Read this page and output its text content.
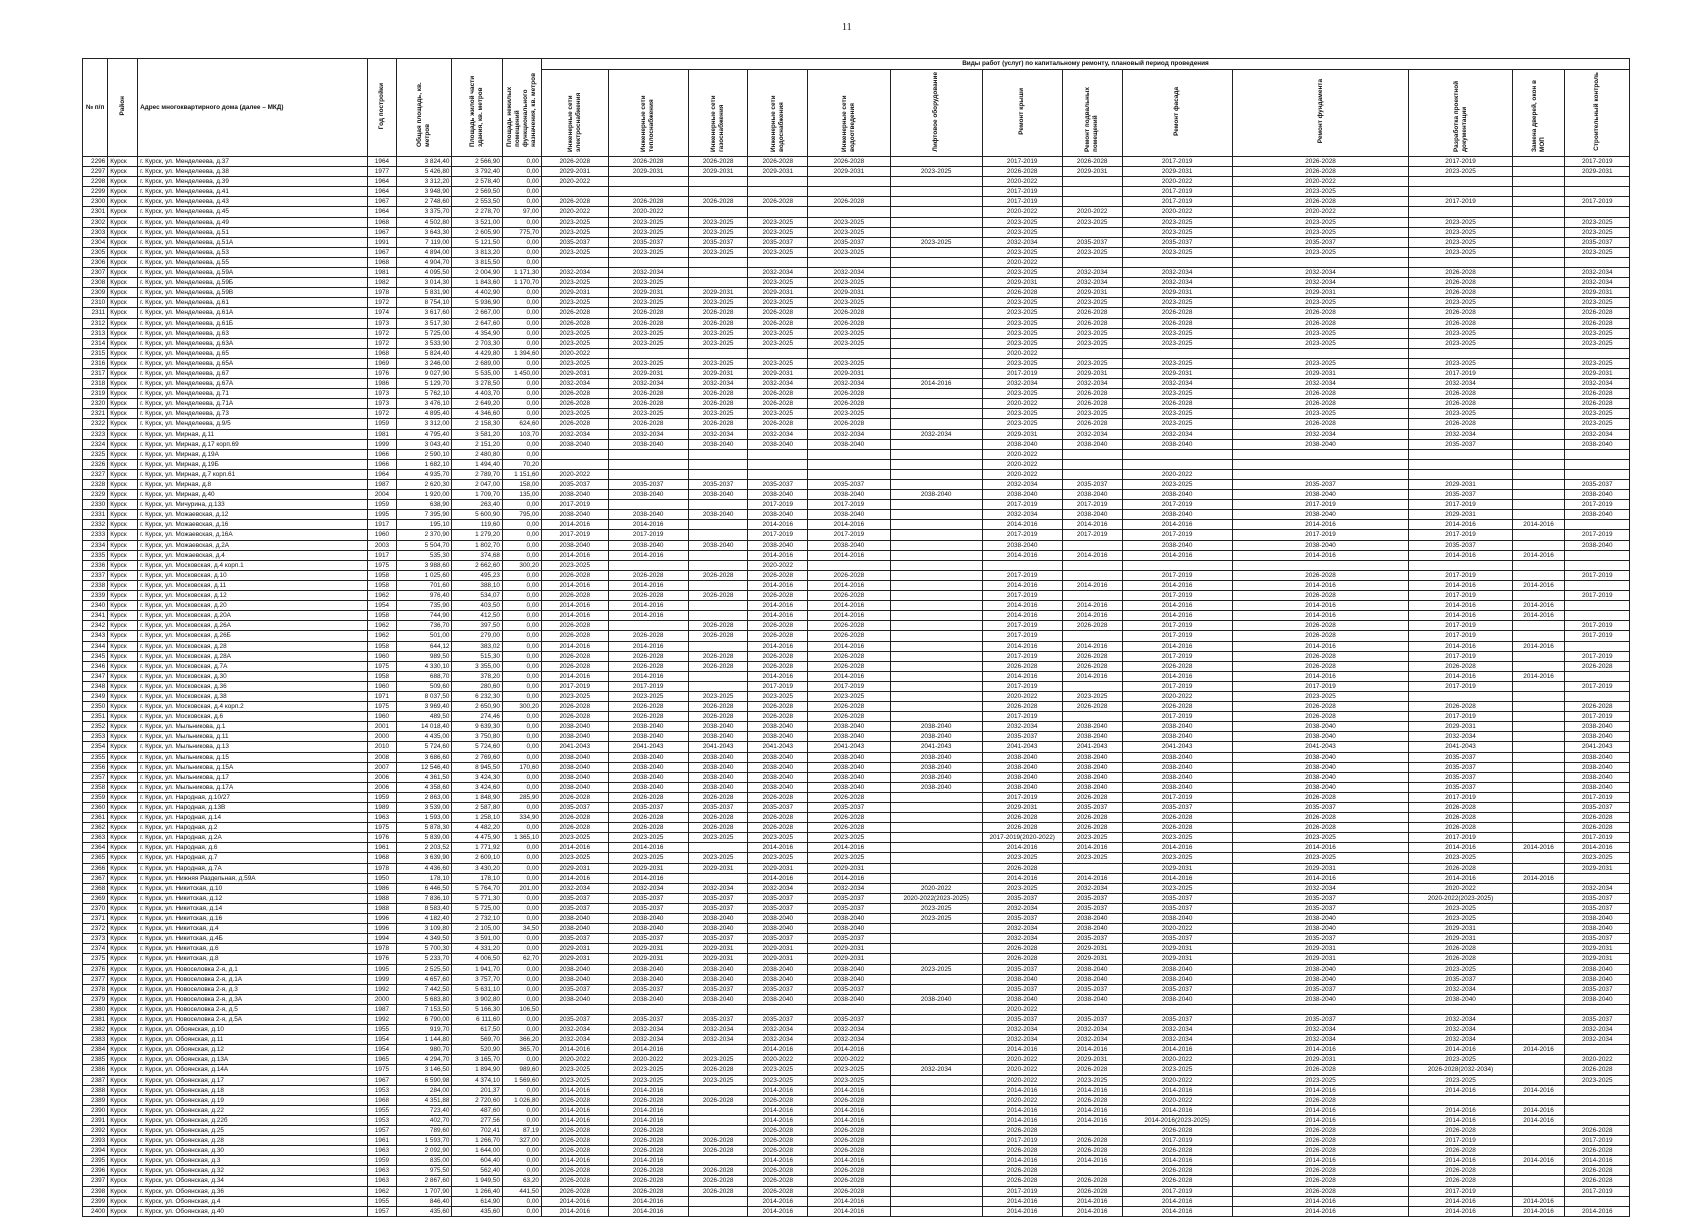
11
№ п/п	Район	Адрес многоквартирного дома (далее – МКД)	Год постройки	Общая площадь, кв. метров	Площадь жилой части здания, кв. метров	Площадь нежилых помещений функционального назначения, кв. метров	Виды работ (услуг) по капитальному ремонту, плановый период проведения												
							Инженерные сети электроснабжения	Инженерные сети теплоснабжения	Инженерные сети газоснабжения	Инженерные сети водоснабжения	Инженерные сети водоотведения	Лифтовое оборудование	Ремонт крыши	Ремонт подвальных помещений	Ремонт фасада	Ремонт фундамента	Разработка проектной документации	Замена дверей, окон в МОП	Строительный контроль
2296	Курск	г. Курск, ул. Менделеева, д.37	1964	3 824,40	2 566,90	0,00	2026-2028	2026-2028	2026-2028	2026-2028	2026-2028		2017-2019	2026-2028	2017-2019	2026-2028	2017-2019		2017-2019
2297	Курск	г. Курск, ул. Менделеева, д.38	1977	5 426,80	3 792,40	0,00	2029-2031	2029-2031	2029-2031	2029-2031	2029-2031	2023-2025	2026-2028	2029-2031	2029-2031	2026-2028	2023-2025		2029-2031
2298	Курск	г. Курск, ул. Менделеева, д.39	1964	3 312,20	2 578,40	0,00	2020-2022						2020-2022		2020-2022	2020-2022			
2299	Курск	г. Курск, ул. Менделеева, д.41	1964	3 948,90	2 569,50	0,00							2017-2019		2017-2019	2023-2025			
2300	Курск	г. Курск, ул. Менделеева, д.43	1967	2 748,60	2 553,50	0,00	2026-2028	2026-2028	2026-2028	2026-2028	2026-2028		2017-2019		2017-2019	2026-2028	2017-2019		2017-2019
2301	Курск	г. Курск, ул. Менделеева, д.45	1964	3 375,70	2 278,70	97,00	2020-2022	2020-2022					2020-2022	2020-2022	2020-2022	2020-2022			
2302	Курск	г. Курск, ул. Менделеева, д.49	1968	4 502,80	3 521,00	0,00	2023-2025	2023-2025	2023-2025	2023-2025	2023-2025		2023-2025	2023-2025	2023-2025	2023-2025	2023-2025		2023-2025
2303	Курск	г. Курск, ул. Менделеева, д.51	1967	3 643,30	2 605,90	775,70	2023-2025	2023-2025	2023-2025	2023-2025	2023-2025		2023-2025		2023-2025	2023-2025	2023-2025		2023-2025
2304	Курск	г. Курск, ул. Менделеева, д.51А	1991	7 119,00	5 121,50	0,00	2035-2037	2035-2037	2035-2037	2035-2037	2035-2037	2023-2025	2032-2034	2035-2037	2035-2037	2035-2037	2023-2025		2035-2037
2305	Курск	г. Курск, ул. Менделеева, д.53	1967	4 894,00	3 813,20	0,00	2023-2025	2023-2025	2023-2025	2023-2025	2023-2025		2023-2025	2023-2025	2023-2025	2023-2025	2023-2025		2023-2025
2306	Курск	г. Курск, ул. Менделеева, д.55	1968	4 904,70	3 815,50	0,00							2020-2022						
2307	Курск	г. Курск, ул. Менделеева, д.59А	1981	4 095,50	2 004,90	1 171,30	2032-2034	2032-2034		2032-2034	2032-2034		2023-2025	2032-2034	2032-2034	2032-2034	2026-2028		2032-2034
2308	Курск	г. Курск, ул. Менделеева, д.59Б	1982	3 014,30	1 843,60	1 170,70	2023-2025	2023-2025		2023-2025	2023-2025		2029-2031	2032-2034	2032-2034	2032-2034	2026-2028		2032-2034
2309	Курск	г. Курск, ул. Менделеева, д.59В	1978	5 831,90	4 402,90	0,00	2029-2031	2029-2031	2029-2031	2029-2031	2029-2031		2026-2028	2029-2031	2029-2031	2029-2031	2026-2028		2029-2031
2310	Курск	г. Курск, ул. Менделеева, д.61	1972	8 754,10	5 936,90	0,00	2023-2025	2023-2025	2023-2025	2023-2025	2023-2025		2023-2025	2023-2025	2023-2025	2023-2025	2023-2025		2023-2025
2311	Курск	г. Курск, ул. Менделеева, д.61А	1974	3 617,60	2 667,00	0,00	2026-2028	2026-2028	2026-2028	2026-2028	2026-2028		2023-2025	2026-2028	2026-2028	2026-2028	2026-2028		2026-2028
2312	Курск	г. Курск, ул. Менделеева, д.61Б	1973	3 517,30	2 647,60	0,00	2026-2028	2026-2028	2026-2028	2026-2028	2026-2028		2023-2025	2026-2028	2026-2028	2026-2028	2026-2028		2026-2028
2313	Курск	г. Курск, ул. Менделеева, д.63	1972	5 725,00	4 354,90	0,00	2023-2025	2023-2025	2023-2025	2023-2025	2023-2025		2023-2025	2023-2025	2023-2025	2023-2025	2023-2025		2023-2025
2314	Курск	г. Курск, ул. Менделеева, д.63А	1972	3 533,90	2 703,30	0,00	2023-2025	2023-2025	2023-2025	2023-2025	2023-2025		2023-2025	2023-2025	2023-2025	2023-2025	2023-2025		2023-2025
2315	Курск	г. Курск, ул. Менделеева, д.65	1968	5 824,40	4 429,80	1 394,60	2020-2022						2020-2022						
2316	Курск	г. Курск, ул. Менделеева, д.65А	1969	3 246,00	2 689,00	0,00	2023-2025	2023-2025	2023-2025	2023-2025	2023-2025		2023-2025	2023-2025	2023-2025	2023-2025	2023-2025		2023-2025
2317	Курск	г. Курск, ул. Менделеева, д.67	1976	9 027,90	5 535,00	1 450,00	2029-2031	2029-2031	2029-2031	2029-2031	2029-2031		2017-2019	2029-2031	2029-2031	2029-2031	2017-2019		2029-2031
2318	Курск	г. Курск, ул. Менделеева, д.67А	1986	5 129,70	3 278,50	0,00	2032-2034	2032-2034	2032-2034	2032-2034	2032-2034	2014-2016	2032-2034	2032-2034	2032-2034	2032-2034	2032-2034		2032-2034
2319	Курск	г. Курск, ул. Менделеева, д.71	1973	5 762,10	4 403,70	0,00	2026-2028	2026-2028	2026-2028	2026-2028	2026-2028		2023-2025	2026-2028	2023-2025	2026-2028	2026-2028		2026-2028
2320	Курск	г. Курск, ул. Менделеева, д.71А	1973	3 476,10	2 649,20	0,00	2026-2028	2026-2028	2026-2028	2026-2028	2026-2028		2020-2022	2026-2028	2026-2028	2026-2028	2026-2028		2026-2028
2321	Курск	г. Курск, ул. Менделеева, д.73	1972	4 895,40	4 346,60	0,00	2023-2025	2023-2025	2023-2025	2023-2025	2023-2025		2023-2025	2023-2025	2023-2025	2023-2025	2023-2025		2023-2025
2322	Курск	г. Курск, ул. Менделеева, д.9/5	1959	3 312,00	2 158,30	624,60	2026-2028	2026-2028	2026-2028	2026-2028	2026-2028		2023-2025	2026-2028	2023-2025	2026-2028	2026-2028		2023-2025
2323	Курск	г. Курск, ул. Мирная, д.11	1981	4 795,40	3 581,20	103,70	2032-2034	2032-2034	2032-2034	2032-2034	2032-2034	2032-2034	2029-2031	2032-2034	2032-2034	2032-2034	2032-2034		2032-2034
2324	Курск	г. Курск, ул. Мирная, д.17 корп.69	1999	3 043,40	2 151,20	0,00	2038-2040	2038-2040	2038-2040	2038-2040	2038-2040		2038-2040	2038-2040	2038-2040	2038-2040	2035-2037		2038-2040
2325	Курск	г. Курск, ул. Мирная, д.19А	1966	2 590,10	2 480,80	0,00							2020-2022						
2326	Курск	г. Курск, ул. Мирная, д.19Б	1966	1 682,10	1 494,40	70,20							2020-2022						
2327	Курск	г. Курск, ул. Мирная, д.7 корп.61	1964	4 935,70	2 789,70	1 151,60	2020-2022						2020-2022		2020-2022				
2328	Курск	г. Курск, ул. Мирная, д.8	1987	2 620,30	2 047,00	158,00	2035-2037	2035-2037	2035-2037	2035-2037	2035-2037		2032-2034	2035-2037	2023-2025	2035-2037	2029-2031		2035-2037
2329	Курск	г. Курск, ул. Мирная, д.40	2004	1 920,00	1 709,70	135,00	2038-2040	2038-2040	2038-2040	2038-2040	2038-2040	2038-2040	2038-2040	2038-2040	2038-2040	2038-2040	2035-2037		2038-2040
2330	Курск	г. Курск, ул. Мичурина, д.133	1959	638,90	263,40	0,00	2017-2019			2017-2019	2017-2019		2017-2019	2017-2019	2017-2019	2017-2019	2017-2019		2017-2019
2331	Курск	г. Курск, ул. Можаевская, д.12	1995	7 395,90	5 600,90	795,00	2038-2040	2038-2040	2038-2040	2038-2040	2038-2040		2032-2034	2038-2040	2038-2040	2038-2040	2029-2031		2038-2040
2332	Курск	г. Курск, ул. Можаевская, д.16	1917	195,10	119,60	0,00	2014-2016	2014-2016		2014-2016	2014-2016		2014-2016	2014-2016	2014-2016	2014-2016	2014-2016	2014-2016	
2333	Курск	г. Курск, ул. Можаевская, д.16А	1960	2 370,90	1 279,20	0,00	2017-2019	2017-2019		2017-2019	2017-2019		2017-2019	2017-2019	2017-2019	2017-2019	2017-2019		2017-2019
2334	Курск	г. Курск, ул. Можаевская, д.2А	2003	5 504,70	1 802,70	0,00	2038-2040	2038-2040	2038-2040	2038-2040	2038-2040		2038-2040		2038-2040	2038-2040	2035-2037		2038-2040
2335	Курск	г. Курск, ул. Можаевская, д.4	1917	535,30	374,68	0,00	2014-2016	2014-2016		2014-2016	2014-2016		2014-2016	2014-2016	2014-2016	2014-2016	2014-2016	2014-2016	
2336	Курск	г. Курск, ул. Московская, д.4 корп.1	1975	3 988,60	2 662,60	300,20	2023-2025			2020-2022									
2337	Курск	г. Курск, ул. Московская, д.10	1958	1 025,60	495,23	0,00	2026-2028	2026-2028	2026-2028	2026-2028	2026-2028		2017-2019		2017-2019	2026-2028	2017-2019		2017-2019
2338	Курск	г. Курск, ул. Московская, д.11	1958	701,60	388,10	0,00	2014-2016	2014-2016		2014-2016	2014-2016		2014-2016	2014-2016	2014-2016	2014-2016	2014-2016	2014-2016	
2339	Курск	г. Курск, ул. Московская, д.12	1962	976,40	534,07	0,00	2026-2028	2026-2028	2026-2028	2026-2028	2026-2028		2017-2019		2017-2019	2026-2028	2017-2019		2017-2019
2340	Курск	г. Курск, ул. Московская, д.20	1954	735,90	403,50	0,00	2014-2016	2014-2016		2014-2016	2014-2016		2014-2016	2014-2016	2014-2016	2014-2016	2014-2016	2014-2016	
2341	Курск	г. Курск, ул. Московская, д.20А	1958	744,90	412,50	0,00	2014-2016	2014-2016		2014-2016	2014-2016		2014-2016	2014-2016	2014-2016	2014-2016	2014-2016	2014-2016	
2342	Курск	г. Курск, ул. Московская, д.26А	1962	736,70	397,50	0,00	2026-2028		2026-2028	2026-2028	2026-2028		2017-2019	2026-2028	2017-2019	2026-2028	2017-2019		2017-2019
2343	Курск	г. Курск, ул. Московская, д.26Б	1962	501,00	279,00	0,00	2026-2028	2026-2028	2026-2028	2026-2028	2026-2028		2017-2019		2017-2019	2026-2028	2017-2019		2017-2019
2344	Курск	г. Курск, ул. Московская, д.28	1958	644,12	383,02	0,00	2014-2016	2014-2016		2014-2016	2014-2016		2014-2016	2014-2016	2014-2016	2014-2016	2014-2016	2014-2016	
2345	Курск	г. Курск, ул. Московская, д.28А	1960	989,50	515,30	0,00	2026-2028	2026-2028	2026-2028	2026-2028	2026-2028		2017-2019	2026-2028	2017-2019	2026-2028	2017-2019		2017-2019
2346	Курск	г. Курск, ул. Московская, д.7А	1975	4 330,10	3 355,00	0,00	2026-2028	2026-2028	2026-2028	2026-2028	2026-2028		2026-2028	2026-2028	2026-2028	2026-2028	2026-2028		2026-2028
2347	Курск	г. Курск, ул. Московская, д.30	1958	688,70	378,20	0,00	2014-2016	2014-2016		2014-2016	2014-2016		2014-2016	2014-2016	2014-2016	2014-2016	2014-2016	2014-2016	
2348	Курск	г. Курск, ул. Московская, д.36	1960	509,60	280,60	0,00	2017-2019	2017-2019		2017-2019	2017-2019		2017-2019		2017-2019	2017-2019	2017-2019		2017-2019
2349	Курск	г. Курск, ул. Московская, д.38	1971	8 037,50	6 232,30	0,00	2023-2025	2023-2025	2023-2025	2023-2025	2023-2025		2020-2022	2023-2025	2020-2022	2023-2025			
2350	Курск	г. Курск, ул. Московская, д.4 корп.2	1975	3 969,40	2 650,90	300,20	2026-2028	2026-2028	2026-2028	2026-2028	2026-2028		2026-2028	2026-2028	2026-2028	2026-2028	2026-2028		2026-2028
2351	Курск	г. Курск, ул. Московская, д.6	1960	489,50	274,46	0,00	2026-2028	2026-2028	2026-2028	2026-2028	2026-2028		2017-2019		2017-2019	2026-2028	2017-2019		2017-2019
2352	Курск	г. Курск, ул. Мыльникова, д.1	2001	14 018,40	9 639,30	0,00	2038-2040	2038-2040	2038-2040	2038-2040	2038-2040	2038-2040	2032-2034	2038-2040	2038-2040	2038-2040	2029-2031		2038-2040
2353	Курск	г. Курск, ул. Мыльникова, д.11	2000	4 435,00	3 750,80	0,00	2038-2040	2038-2040	2038-2040	2038-2040	2038-2040	2038-2040	2035-2037	2038-2040	2038-2040	2038-2040	2032-2034		2038-2040
2354	Курск	г. Курск, ул. Мыльникова, д.13	2010	5 724,60	5 724,60	0,00	2041-2043	2041-2043	2041-2043	2041-2043	2041-2043	2041-2043	2041-2043	2041-2043	2041-2043	2041-2043	2041-2043		2041-2043
2355	Курск	г. Курск, ул. Мыльникова, д.15	2008	3 686,60	2 769,60	0,00	2038-2040	2038-2040	2038-2040	2038-2040	2038-2040	2038-2040	2038-2040	2038-2040	2038-2040	2038-2040	2035-2037		2038-2040
2356	Курск	г. Курск, ул. Мыльникова, д.15А	2007	12 546,40	8 945,50	170,60	2038-2040	2038-2040	2038-2040	2038-2040	2038-2040	2038-2040	2038-2040	2038-2040	2038-2040	2038-2040	2035-2037		2038-2040
2357	Курск	г. Курск, ул. Мыльникова, д.17	2006	4 361,50	3 424,30	0,00	2038-2040	2038-2040	2038-2040	2038-2040	2038-2040	2038-2040	2038-2040	2038-2040	2038-2040	2038-2040	2035-2037		2038-2040
2358	Курск	г. Курск, ул. Мыльникова, д.17А	2006	4 358,60	3 424,60	0,00	2038-2040	2038-2040	2038-2040	2038-2040	2038-2040	2038-2040	2038-2040	2038-2040	2038-2040	2038-2040	2035-2037		2038-2040
2359	Курск	г. Курск, ул. Народная, д.10/27	1959	2 863,00	1 848,90	285,90	2026-2028	2026-2028	2026-2028	2026-2028	2026-2028		2017-2019	2026-2028	2017-2019	2026-2028	2017-2019		2017-2019
2360	Курск	г. Курск, ул. Народная, д.13В	1989	3 539,00	2 587,80	0,00	2035-2037	2035-2037	2035-2037	2035-2037	2035-2037		2029-2031	2035-2037	2035-2037	2035-2037	2026-2028		2035-2037
2361	Курск	г. Курск, ул. Народная, д.14	1963	1 593,00	1 258,10	334,90	2026-2028	2026-2028	2026-2028	2026-2028	2026-2028		2026-2028	2026-2028	2026-2028	2026-2028	2026-2028		2026-2028
2362	Курск	г. Курск, ул. Народная, д.2	1975	5 878,30	4 482,20	0,00	2026-2028	2026-2028	2026-2028	2026-2028	2026-2028		2026-2028	2026-2028	2026-2028	2026-2028	2026-2028		2026-2028
2363	Курск	г. Курск, ул. Народная, д.2А	1976	5 839,00	4 475,90	1 365,10	2023-2025	2023-2025	2023-2025	2023-2025	2023-2025		2017-2019(2020-2022)	2023-2025	2023-2025	2023-2025	2017-2019		2017-2019
2364	Курск	г. Курск, ул. Народная, д.6	1961	2 203,52	1 771,92	0,00	2014-2016	2014-2016		2014-2016	2014-2016		2014-2016	2014-2016	2014-2016	2014-2016	2014-2016	2014-2016	2014-2016
2365	Курск	г. Курск, ул. Народная, д.7	1968	3 639,90	2 609,10	0,00	2023-2025	2023-2025	2023-2025	2023-2025	2023-2025		2023-2025	2023-2025	2023-2025	2023-2025	2023-2025		2023-2025
2366	Курск	г. Курск, ул. Народная, д.7А	1978	4 436,60	3 430,20	0,00	2029-2031	2029-2031	2029-2031	2029-2031	2029-2031		2026-2028		2029-2031	2029-2031	2026-2028		2029-2031
2367	Курск	г. Курск, ул. Нижняя Раздельная, д.59А	1950	178,10	178,10	0,00	2014-2016	2014-2016		2014-2016	2014-2016		2014-2016	2014-2016	2014-2016	2014-2016	2014-2016	2014-2016	
2368	Курск	г. Курск, ул. Никитская, д.10	1986	6 446,50	5 764,70	201,00	2032-2034	2032-2034	2032-2034	2032-2034	2032-2034	2020-2022	2023-2025	2032-2034	2023-2025	2032-2034	2020-2022		2032-2034
2369	Курск	г. Курск, ул. Никитская, д.12	1988	7 836,10	5 771,30	0,00	2035-2037	2035-2037	2035-2037	2035-2037	2035-2037	2020-2022(2023-2025)	2035-2037	2035-2037	2035-2037	2035-2037	2020-2022(2023-2025)		2035-2037
2370	Курск	г. Курск, ул. Никитская, д.14	1988	8 583,40	5 725,00	0,00	2035-2037	2035-2037	2035-2037	2035-2037	2035-2037	2023-2025	2032-2034	2035-2037	2035-2037	2035-2037	2023-2025		2035-2037
2371	Курск	г. Курск, ул. Никитская, д.16	1996	4 182,40	2 732,10	0,00	2038-2040	2038-2040	2038-2040	2038-2040	2038-2040	2023-2025	2035-2037	2038-2040	2038-2040	2038-2040	2023-2025		2038-2040
2372	Курск	г. Курск, ул. Никитская, д.4	1996	3 109,80	2 105,00	34,50	2038-2040	2038-2040	2038-2040	2038-2040	2038-2040		2032-2034	2038-2040	2020-2022	2038-2040	2029-2031		2038-2040
2373	Курск	г. Курск, ул. Никитская, д.4Б	1994	4 349,50	3 591,00	0,00	2035-2037	2035-2037	2035-2037	2035-2037	2035-2037		2032-2034	2035-2037	2035-2037	2035-2037	2029-2031		2035-2037
2374	Курск	г. Курск, ул. Никитская, д.6	1978	5 700,30	4 331,20	0,00	2029-2031	2029-2031	2029-2031	2029-2031	2029-2031		2026-2028	2029-2031	2029-2031	2029-2031	2026-2028		2029-2031
2375	Курск	г. Курск, ул. Никитская, д.8	1976	5 233,70	4 006,50	62,70	2029-2031	2029-2031	2029-2031	2029-2031	2029-2031		2026-2028	2029-2031	2029-2031	2029-2031	2026-2028		2029-2031
2376	Курск	г. Курск, ул. Новоселовка 2-я, д.1	1995	2 525,50	1 941,70	0,00	2038-2040	2038-2040	2038-2040	2038-2040	2038-2040	2023-2025	2035-2037	2038-2040	2038-2040	2038-2040	2023-2025		2038-2040
2377	Курск	г. Курск, ул. Новоселовка 2-я, д.1А	1999	4 657,60	3 757,70	0,00	2038-2040	2038-2040	2038-2040	2038-2040	2038-2040		2038-2040	2038-2040	2038-2040	2038-2040	2035-2037		2038-2040
2378	Курск	г. Курск, ул. Новоселовка 2-я, д.3	1992	7 442,50	5 631,10	0,00	2035-2037	2035-2037	2035-2037	2035-2037	2035-2037		2035-2037	2035-2037	2035-2037	2035-2037	2032-2034		2035-2037
2379	Курск	г. Курск, ул. Новоселовка 2-я, д.3А	2000	5 683,80	3 902,80	0,00	2038-2040	2038-2040	2038-2040	2038-2040	2038-2040	2038-2040	2038-2040	2038-2040	2038-2040	2038-2040	2038-2040		2038-2040
2380	Курск	г. Курск, ул. Новоселовка 2-я, д.5	1987	7 153,50	5 166,30	106,50							2020-2022						
2381	Курск	г. Курск, ул. Новоселовка 2-я, д.5А	1992	6 790,00	6 111,60	0,00	2035-2037	2035-2037	2035-2037	2035-2037	2035-2037		2035-2037	2035-2037	2035-2037	2035-2037	2032-2034		2035-2037
2382	Курск	г. Курск, ул. Обоянская, д.10	1955	919,70	617,50	0,00	2032-2034	2032-2034	2032-2034	2032-2034	2032-2034		2032-2034	2032-2034	2032-2034	2032-2034	2032-2034		2032-2034
2383	Курск	г. Курск, ул. Обоянская, д.11	1954	1 144,80	569,70	366,20	2032-2034	2032-2034	2032-2034	2032-2034	2032-2034		2032-2034	2032-2034	2032-2034	2032-2034	2032-2034		2032-2034
2384	Курск	г. Курск, ул. Обоянская, д.12	1954	980,70	520,90	365,70	2014-2016	2014-2016		2014-2016	2014-2016		2014-2016	2014-2016	2014-2016	2014-2016	2014-2016	2014-2016	
2385	Курск	г. Курск, ул. Обоянская, д.13А	1965	4 294,70	3 165,70	0,00	2020-2022	2020-2022	2023-2025	2020-2022	2020-2022		2020-2022	2029-2031	2020-2022	2029-2031	2023-2025		2020-2022
2386	Курск	г. Курск, ул. Обоянская, д.14А	1975	3 146,50	1 894,90	989,60	2023-2025	2023-2025	2026-2028	2023-2025	2023-2025	2032-2034	2020-2022	2026-2028	2023-2025	2026-2028	2026-2028(2032-2034)		2026-2028
2387	Курск	г. Курск, ул. Обоянская, д.17	1967	6 590,98	4 374,10	1 569,60	2023-2025	2023-2025	2023-2025	2023-2025	2023-2025		2020-2022	2023-2025	2020-2022	2023-2025	2023-2025		2023-2025
2388	Курск	г. Курск, ул. Обоянская, д.18	1953	284,00	201,37	0,00	2014-2016	2014-2016		2014-2016	2014-2016		2014-2016	2014-2016	2014-2016	2014-2016	2014-2016	2014-2016	
2389	Курск	г. Курск, ул. Обоянская, д.19	1968	4 351,88	2 720,60	1 026,80	2026-2028	2026-2028	2026-2028	2026-2028	2026-2028		2020-2022	2026-2028	2020-2022	2026-2028			
2390	Курск	г. Курск, ул. Обоянская, д.22	1955	723,40	487,60	0,00	2014-2016	2014-2016		2014-2016	2014-2016		2014-2016	2014-2016	2014-2016	2014-2016	2014-2016	2014-2016	
2391	Курск	г. Курск, ул. Обоянская, д.22б	1953	402,70	277,56	0,00	2014-2016	2014-2016		2014-2016	2014-2016		2014-2016	2014-2016	2014-2016(2023-2025)	2014-2016	2014-2016	2014-2016	
2392	Курск	г. Курск, ул. Обоянская, д.25	1957	789,60	702,41	87,19	2026-2028	2026-2028		2026-2028	2026-2028		2026-2028		2026-2028	2026-2028	2026-2028		2026-2028
2393	Курск	г. Курск, ул. Обоянская, д.28	1961	1 593,70	1 266,70	327,00	2026-2028	2026-2028	2026-2028	2026-2028	2026-2028		2017-2019	2026-2028	2017-2019	2026-2028	2017-2019		2017-2019
2394	Курск	г. Курск, ул. Обоянская, д.30	1963	2 092,90	1 644,00	0,00	2026-2028	2026-2028	2026-2028	2026-2028	2026-2028		2026-2028	2026-2028	2026-2028	2026-2028	2026-2028		2026-2028
2395	Курск	г. Курск, ул. Обоянская, д.3	1959	835,00	604,40	0,00	2014-2016	2014-2016		2014-2016	2014-2016		2014-2016	2014-2016	2014-2016	2014-2016	2014-2016	2014-2016	2014-2016
2396	Курск	г. Курск, ул. Обоянская, д.32	1963	975,50	562,40	0,00	2026-2028	2026-2028	2026-2028	2026-2028	2026-2028		2026-2028		2026-2028	2026-2028	2026-2028		2026-2028
2397	Курск	г. Курск, ул. Обоянская, д.34	1963	2 867,60	1 949,50	63,20	2026-2028	2026-2028	2026-2028	2026-2028	2026-2028		2026-2028	2026-2028	2026-2028	2026-2028	2026-2028		2026-2028
2398	Курск	г. Курск, ул. Обоянская, д.36	1962	1 707,90	1 266,40	441,50	2026-2028	2026-2028	2026-2028	2026-2028	2026-2028		2017-2019	2026-2028	2017-2019	2026-2028	2017-2019		2017-2019
2399	Курск	г. Курск, ул. Обоянская, д.4	1955	846,40	614,90	0,00	2014-2016	2014-2016		2014-2016	2014-2016		2014-2016	2014-2016	2014-2016	2014-2016	2014-2016	2014-2016	
2400	Курск	г. Курск, ул. Обоянская, д.40	1957	435,60	435,60	0,00	2014-2016	2014-2016		2014-2016	2014-2016		2014-2016	2014-2016	2014-2016	2014-2016	2014-2016	2014-2016	2014-2016
